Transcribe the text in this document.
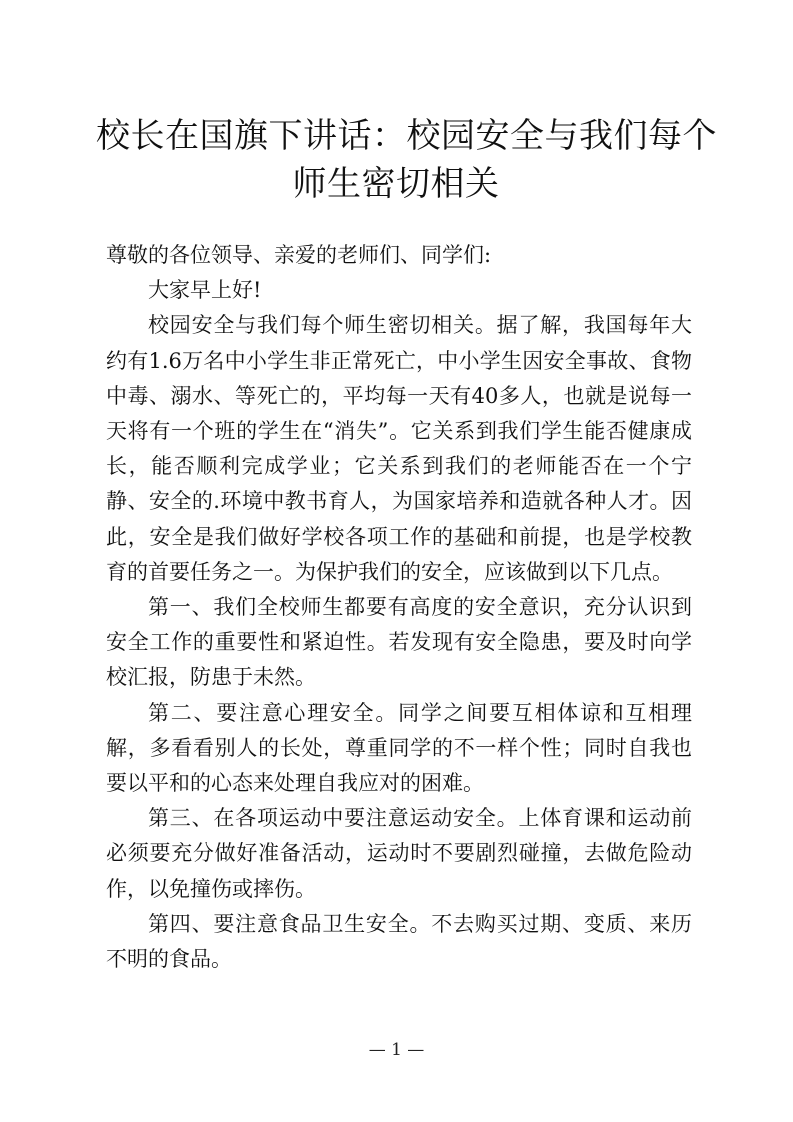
校长在国旗下讲话：校园安全与我们每个
师生密切相关

尊敬的各位领导、亲爱的老师们、同学们:

大家早上好!

校园安全与我们每个师生密切相关。据了解，我国每年大约有1.6万名中小学生非正常死亡，中小学生因安全事故、食物中毒、溺水、等死亡的，平均每一天有40多人，也就是说每一天将有一个班的学生在“消失”。它关系到我们学生能否健康成长，能否顺利完成学业；它关系到我们的老师能否在一个宁静、安全的.环境中教书育人，为国家培养和造就各种人才。因此，安全是我们做好学校各项工作的基础和前提，也是学校教育的首要任务之一。为保护我们的安全，应该做到以下几点。

第一、我们全校师生都要有高度的安全意识，充分认识到安全工作的重要性和紧迫性。若发现有安全隐患，要及时向学校汇报，防患于未然。

第二、要注意心理安全。同学之间要互相体谅和互相理解，多看看别人的长处，尊重同学的不一样个性；同时自我也要以平和的心态来处理自我应对的困难。

第三、在各项运动中要注意运动安全。上体育课和运动前必须要充分做好准备活动，运动时不要剧烈碰撞，去做危险动作，以免撞伤或摔伤。

第四、要注意食品卫生安全。不去购买过期、变质、来历不明的食品。

— 1 —
